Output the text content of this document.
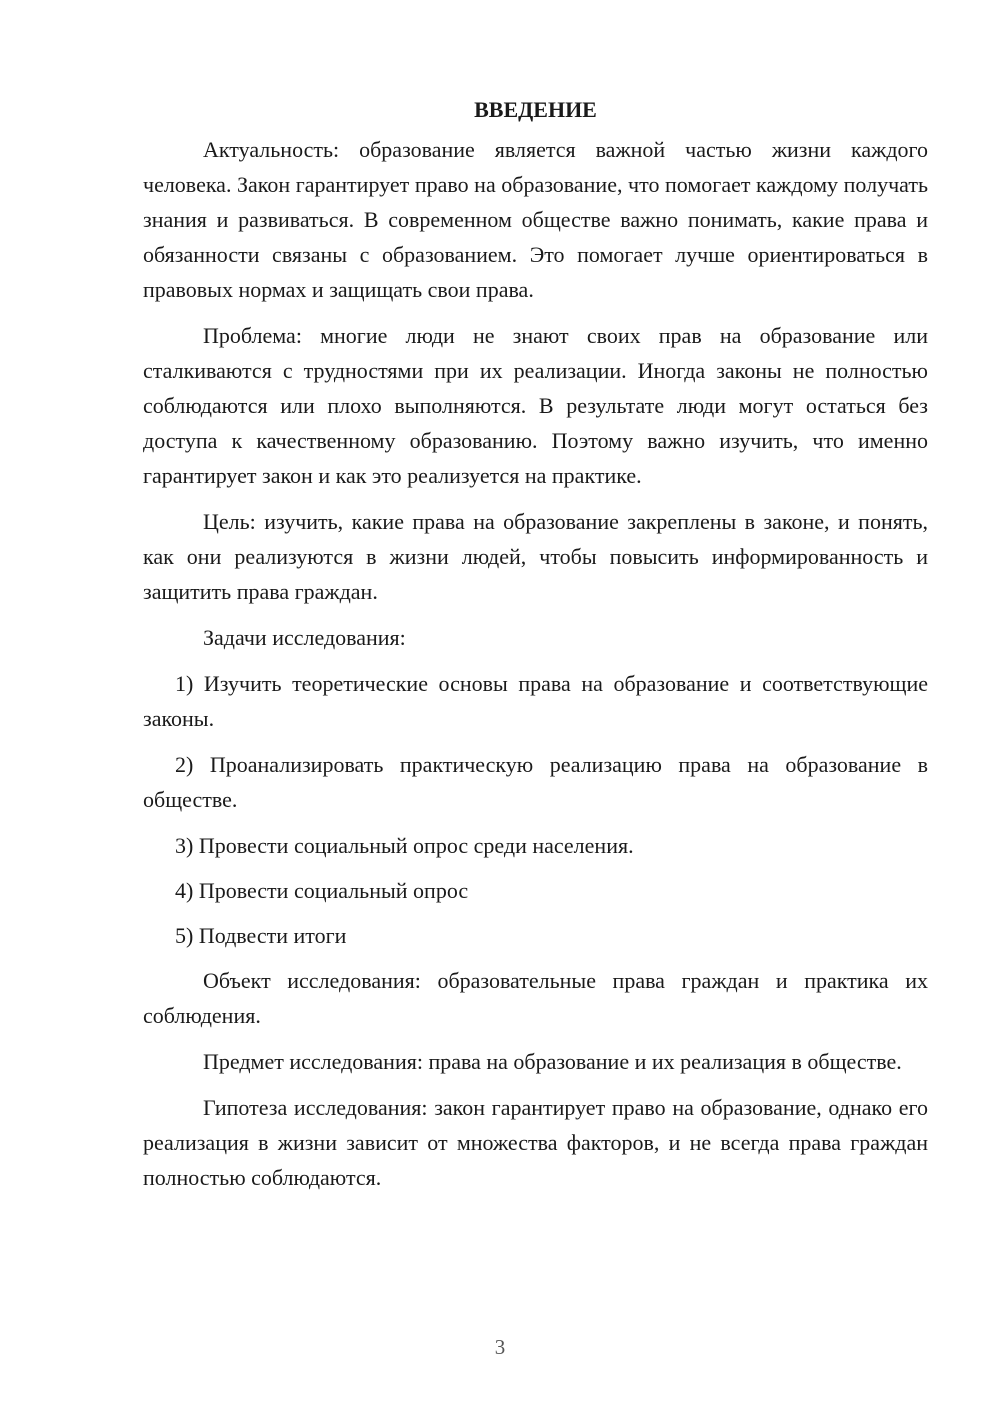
ВВЕДЕНИЕ

Актуальность: образование является важной частью жизни каждого человека. Закон гарантирует право на образование, что помогает каждому получать знания и развиваться. В современном обществе важно понимать, какие права и обязанности связаны с образованием. Это помогает лучше ориентироваться в правовых нормах и защищать свои права.

Проблема: многие люди не знают своих прав на образование или сталкиваются с трудностями при их реализации. Иногда законы не полностью соблюдаются или плохо выполняются. В результате люди могут остаться без доступа к качественному образованию. Поэтому важно изучить, что именно гарантирует закон и как это реализуется на практике.

Цель: изучить, какие права на образование закреплены в законе, и понять, как они реализуются в жизни людей, чтобы повысить информированность и защитить права граждан.

Задачи исследования:

1) Изучить теоретические основы права на образование и соответствующие законы.

2) Проанализировать практическую реализацию права на образование в обществе.

3) Провести социальный опрос среди населения.

4) Провести социальный опрос

5) Подвести итоги

Объект исследования: образовательные права граждан и практика их соблюдения.

Предмет исследования: права на образование и их реализация в обществе.

Гипотеза исследования: закон гарантирует право на образование, однако его реализация в жизни зависит от множества факторов, и не всегда права граждан полностью соблюдаются.

3
